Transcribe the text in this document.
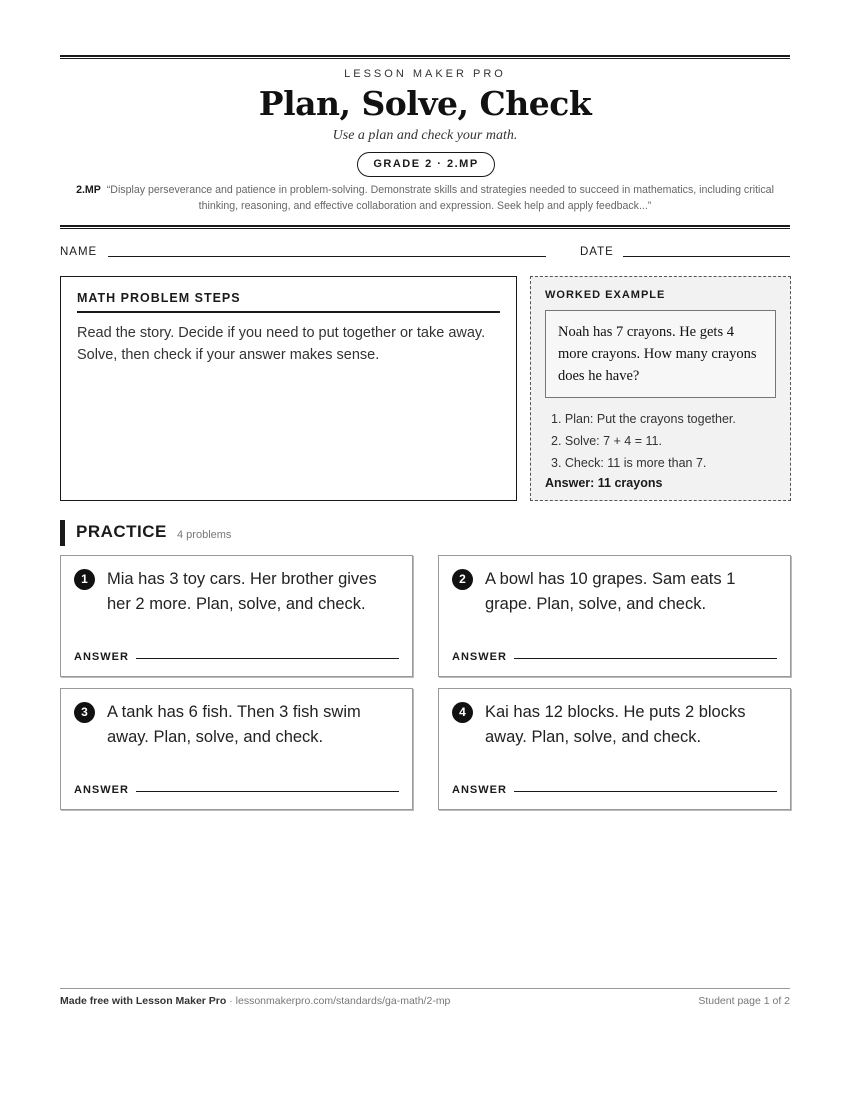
LESSON MAKER PRO
Plan, Solve, Check
Use a plan and check your math.
GRADE 2 · 2.MP
2.MP “Display perseverance and patience in problem-solving. Demonstrate skills and strategies needed to succeed in mathematics, including critical thinking, reasoning, and effective collaboration and expression. Seek help and apply feedback...”
NAME	DATE
MATH PROBLEM STEPS
Read the story. Decide if you need to put together or take away. Solve, then check if your answer makes sense.
WORKED EXAMPLE
Noah has 7 crayons. He gets 4 more crayons. How many crayons does he have?
1. Plan: Put the crayons together.
2. Solve: 7 + 4 = 11.
3. Check: 11 is more than 7.
Answer: 11 crayons
PRACTICE 4 problems
1	Mia has 3 toy cars. Her brother gives her 2 more. Plan, solve, and check.
ANSWER
2	A bowl has 10 grapes. Sam eats 1 grape. Plan, solve, and check.
ANSWER
3	A tank has 6 fish. Then 3 fish swim away. Plan, solve, and check.
ANSWER
4	Kai has 12 blocks. He puts 2 blocks away. Plan, solve, and check.
ANSWER
Made free with Lesson Maker Pro · lessonmakerpro.com/standards/ga-math/2-mp	Student page 1 of 2
